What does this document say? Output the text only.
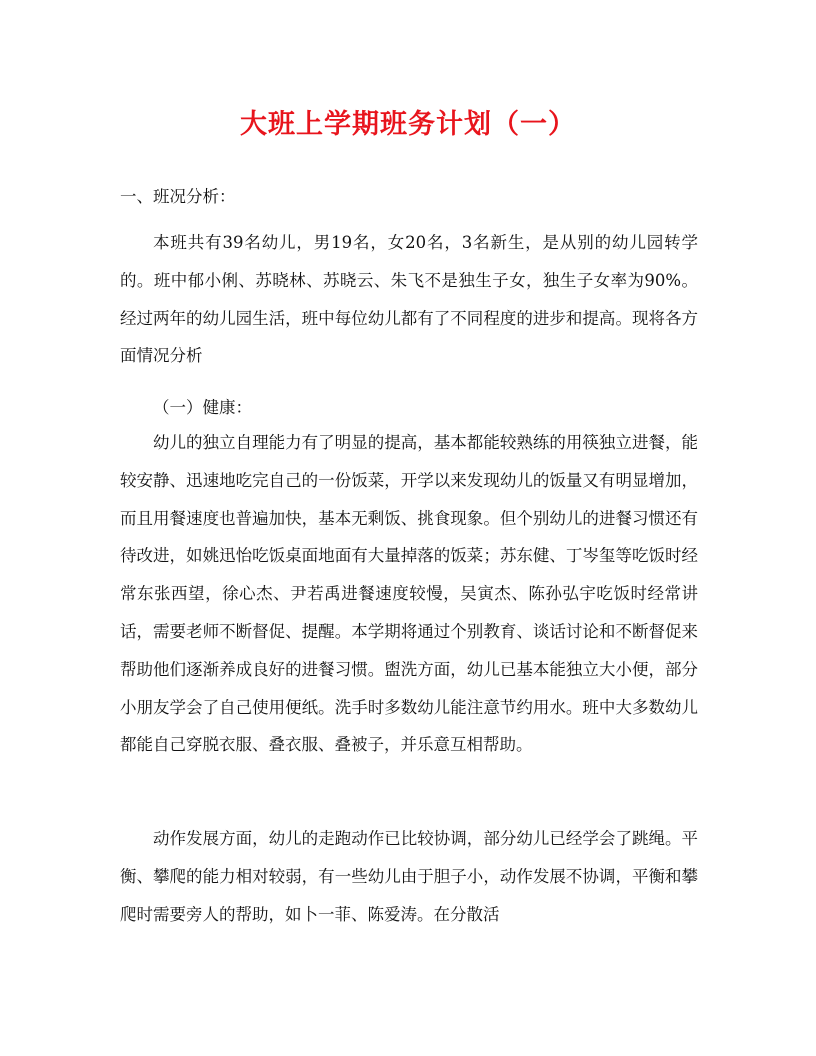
大班上学期班务计划（一）

一、班况分析：

本班共有39名幼儿，男19名，女20名，3名新生，是从别的幼儿园转学的。班中郁小俐、苏晓林、苏晓云、朱飞不是独生子女，独生子女率为90%。经过两年的幼儿园生活，班中每位幼儿都有了不同程度的进步和提高。现将各方面情况分析

（一）健康：

幼儿的独立自理能力有了明显的提高，基本都能较熟练的用筷独立进餐，能较安静、迅速地吃完自己的一份饭菜，开学以来发现幼儿的饭量又有明显增加，而且用餐速度也普遍加快，基本无剩饭、挑食现象。但个别幼儿的进餐习惯还有待改进，如姚迅怡吃饭桌面地面有大量掉落的饭菜；苏东健、丁岑玺等吃饭时经常东张西望，徐心杰、尹若禹进餐速度较慢，吴寅杰、陈孙弘宇吃饭时经常讲话，需要老师不断督促、提醒。本学期将通过个别教育、谈话讨论和不断督促来帮助他们逐渐养成良好的进餐习惯。盥洗方面，幼儿已基本能独立大小便，部分小朋友学会了自己使用便纸。洗手时多数幼儿能注意节约用水。班中大多数幼儿都能自己穿脱衣服、叠衣服、叠被子，并乐意互相帮助。

动作发展方面，幼儿的走跑动作已比较协调，部分幼儿已经学会了跳绳。平衡、攀爬的能力相对较弱，有一些幼儿由于胆子小，动作发展不协调，平衡和攀爬时需要旁人的帮助，如卜一菲、陈爱涛。在分散活
